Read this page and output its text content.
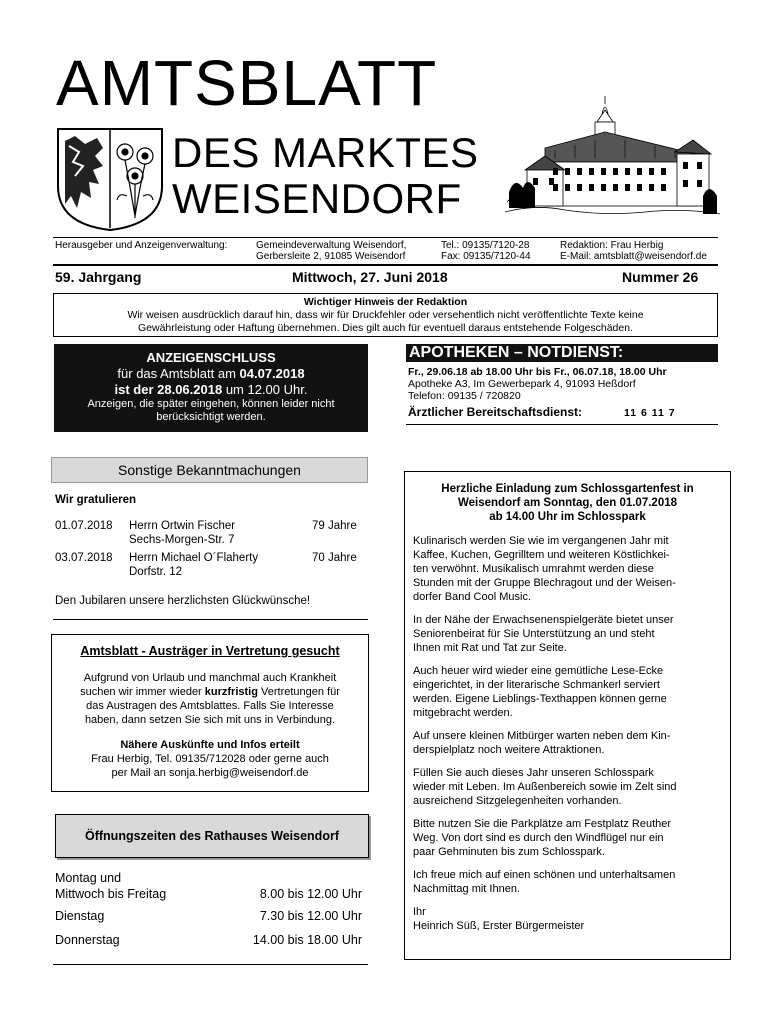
AMTSBLATT
DES MARKTES
WEISENDORF
Herausgeber und Anzeigenverwaltung:	Gemeindeverwaltung Weisendorf,
Gerbersleite 2, 91085 Weisendorf
Tel.: 09135/7120-28
Fax: 09135/7120-44
Redaktion: Frau Herbig
E-Mail: amtsblatt@weisendorf.de
59. Jahrgang	Mittwoch, 27. Juni 2018	Nummer 26
Wichtiger Hinweis der Redaktion
Wir weisen ausdrücklich darauf hin, dass wir für Druckfehler oder versehentlich nicht veröffentlichte Texte keine
Gewährleistung oder Haftung übernehmen. Dies gilt auch für eventuell daraus entstehende Folgeschäden.
ANZEIGENSCHLUSS
für das Amtsblatt am 04.07.2018
ist der 28.06.2018 um 12.00 Uhr.
Anzeigen, die später eingehen, können leider nicht
berücksichtigt werden.
APOTHEKEN – NOTDIENST:
Fr., 29.06.18 ab 18.00 Uhr bis Fr., 06.07.18, 18.00 Uhr
Apotheke A3, Im Gewerbepark 4, 91093 Heßdorf
Telefon: 09135 / 720820
Ärztlicher Bereitschaftsdienst:	11 6 11 7
Sonstige Bekanntmachungen
Wir gratulieren
01.07.2018 Herrn Ortwin Fischer
Sechs-Morgen-Str. 7
79 Jahre
03.07.2018 Herrn Michael O´Flaherty
Dorfstr. 12
70 Jahre
Den Jubilaren unsere herzlichsten Glückwünsche!
Amtsblatt - Austräger in Vertretung gesucht
Aufgrund von Urlaub und manchmal auch Krankheit
suchen wir immer wieder kurzfristig Vertretungen für
das Austragen des Amtsblattes. Falls Sie Interesse
haben, dann setzen Sie sich mit uns in Verbindung.
Nähere Auskünfte und Infos erteilt
Frau Herbig, Tel. 09135/712028 oder gerne auch
per Mail an sonja.herbig@weisendorf.de
Öffnungszeiten des Rathauses Weisendorf
Montag und
Mittwoch bis Freitag	8.00 bis 12.00 Uhr
Dienstag	7.30 bis 12.00 Uhr
Donnerstag	14.00 bis 18.00 Uhr
Herzliche Einladung zum Schlossgartenfest in
Weisendorf am Sonntag, den 01.07.2018
ab 14.00 Uhr im Schlosspark
Kulinarisch werden Sie wie im vergangenen Jahr mit
Kaffee, Kuchen, Gegrilltem und weiteren Köstlichkei-
ten verwöhnt. Musikalisch umrahmt werden diese
Stunden mit der Gruppe Blechragout und der Weisen-
dorfer Band Cool Music.
In der Nähe der Erwachsenenspielgeräte bietet unser
Seniorenbeirat für Sie Unterstützung an und steht
Ihnen mit Rat und Tat zur Seite.
Auch heuer wird wieder eine gemütliche Lese-Ecke
eingerichtet, in der literarische Schmankerl serviert
werden. Eigene Lieblings-Texthappen können gerne
mitgebracht werden.
Auf unsere kleinen Mitbürger warten neben dem Kin-
derspielplatz noch weitere Attraktionen.
Füllen Sie auch dieses Jahr unseren Schlosspark
wieder mit Leben. Im Außenbereich sowie im Zelt sind
ausreichend Sitzgelegenheiten vorhanden.
Bitte nutzen Sie die Parkplätze am Festplatz Reuther
Weg. Von dort sind es durch den Windflügel nur ein
paar Gehminuten bis zum Schlosspark.
Ich freue mich auf einen schönen und unterhaltsamen
Nachmittag mit Ihnen.
Ihr
Heinrich Süß, Erster Bürgermeister
